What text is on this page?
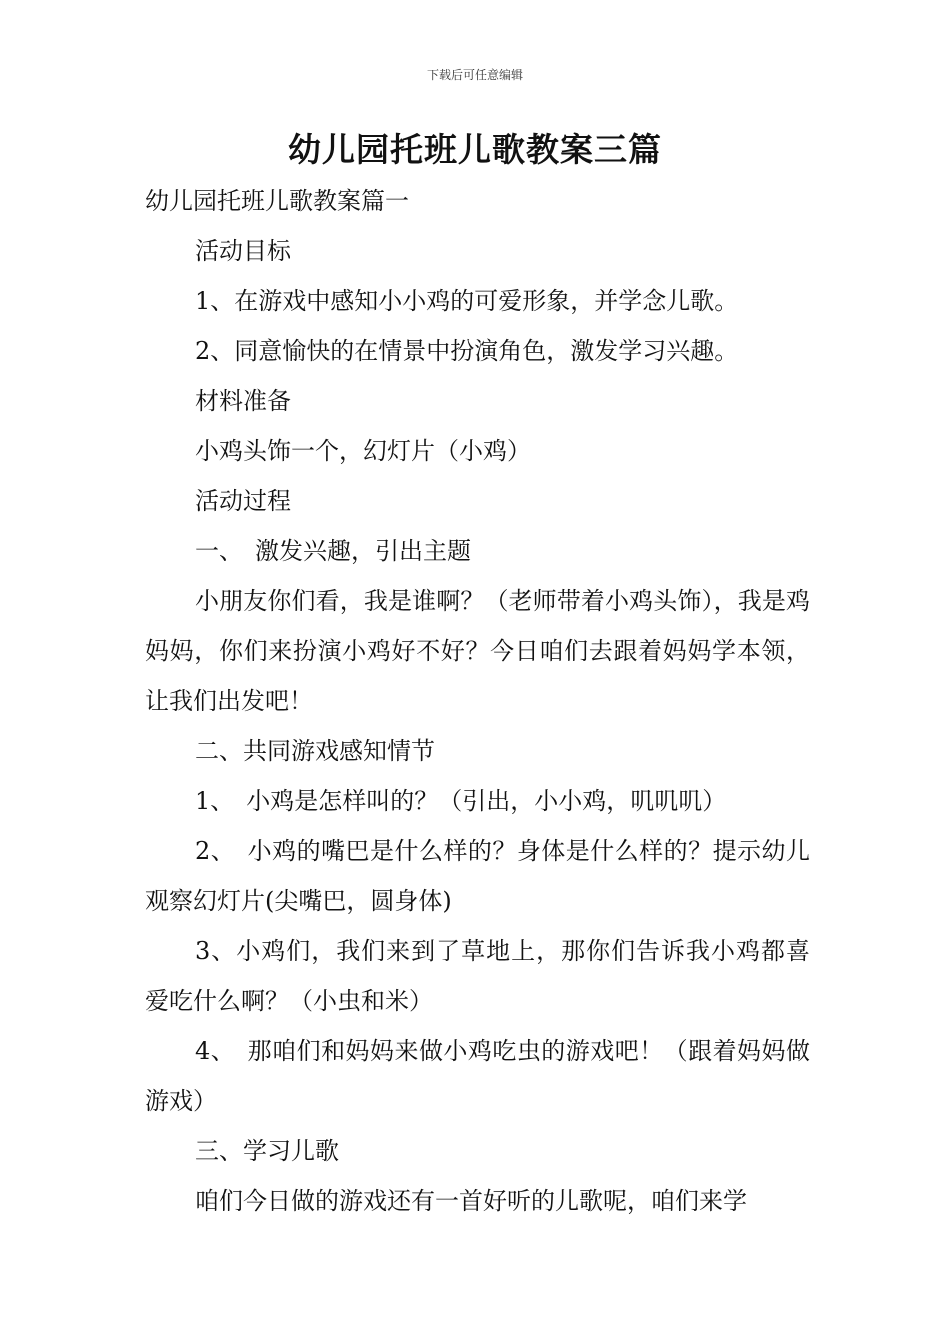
下载后可任意编辑
幼儿园托班儿歌教案三篇

幼儿园托班儿歌教案篇一

活动目标

1、在游戏中感知小小鸡的可爱形象，并学念儿歌。

2、同意愉快的在情景中扮演角色，激发学习兴趣。

材料准备

小鸡头饰一个，幻灯片（小鸡）

活动过程

一、　激发兴趣，引出主题

小朋友你们看，我是谁啊？（老师带着小鸡头饰），我是鸡妈妈，你们来扮演小鸡好不好？今日咱们去跟着妈妈学本领，让我们出发吧！

二、共同游戏感知情节

1、　小鸡是怎样叫的？（引出，小小鸡，叽叽叽）

2、　小鸡的嘴巴是什么样的？身体是什么样的？提示幼儿观察幻灯片(尖嘴巴，圆身体)

3、小鸡们，我们来到了草地上，那你们告诉我小鸡都喜爱吃什么啊？（小虫和米）

4、　那咱们和妈妈来做小鸡吃虫的游戏吧！（跟着妈妈做游戏）

三、学习儿歌

咱们今日做的游戏还有一首好听的儿歌呢，咱们来学
